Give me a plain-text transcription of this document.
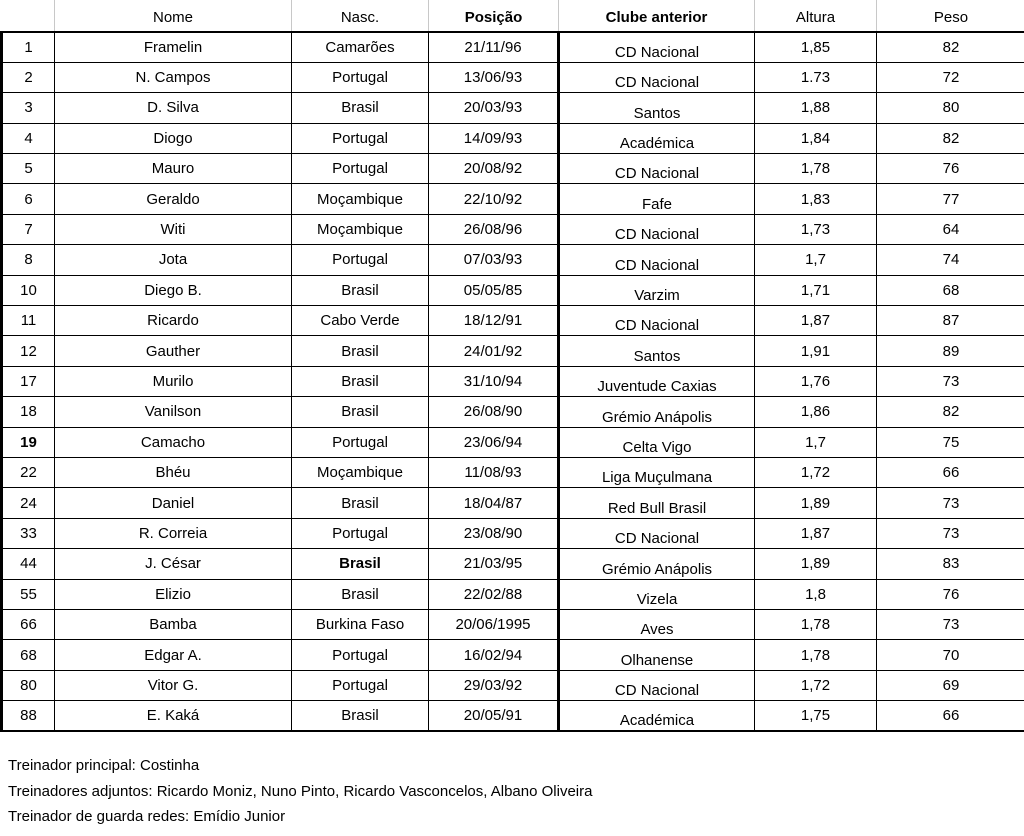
	Nome	Nasc.	Posição	Clube anterior	Altura	Peso
1	Framelin	Camarões	21/11/96	CD Nacional	1,85	82
2	N. Campos	Portugal	13/06/93	CD Nacional	1.73	72
3	D. Silva	Brasil	20/03/93	Santos	1,88	80
4	Diogo	Portugal	14/09/93	Académica	1,84	82
5	Mauro	Portugal	20/08/92	CD Nacional	1,78	76
6	Geraldo	Moçambique	22/10/92	Fafe	1,83	77
7	Witi	Moçambique	26/08/96	CD Nacional	1,73	64
8	Jota	Portugal	07/03/93	CD Nacional	1,7	74
10	Diego B.	Brasil	05/05/85	Varzim	1,71	68
11	Ricardo	Cabo Verde	18/12/91	CD Nacional	1,87	87
12	Gauther	Brasil	24/01/92	Santos	1,91	89
17	Murilo	Brasil	31/10/94	Juventude Caxias	1,76	73
18	Vanilson	Brasil	26/08/90	Grémio Anápolis	1,86	82
19	Camacho	Portugal	23/06/94	Celta Vigo	1,7	75
22	Bhéu	Moçambique	11/08/93	Liga Muçulmana	1,72	66
24	Daniel	Brasil	18/04/87	Red Bull Brasil	1,89	73
33	R. Correia	Portugal	23/08/90	CD Nacional	1,87	73
44	J. César	Brasil	21/03/95	Grémio Anápolis	1,89	83
55	Elizio	Brasil	22/02/88	Vizela	1,8	76
66	Bamba	Burkina Faso	20/06/1995	Aves	1,78	73
68	Edgar A.	Portugal	16/02/94	Olhanense	1,78	70
80	Vitor G.	Portugal	29/03/92	CD Nacional	1,72	69
88	E. Kaká	Brasil	20/05/91	Académica	1,75	66
Treinador principal: Costinha
Treinadores adjuntos: Ricardo Moniz, Nuno Pinto, Ricardo Vasconcelos, Albano Oliveira
Treinador de guarda redes: Emídio Junior
